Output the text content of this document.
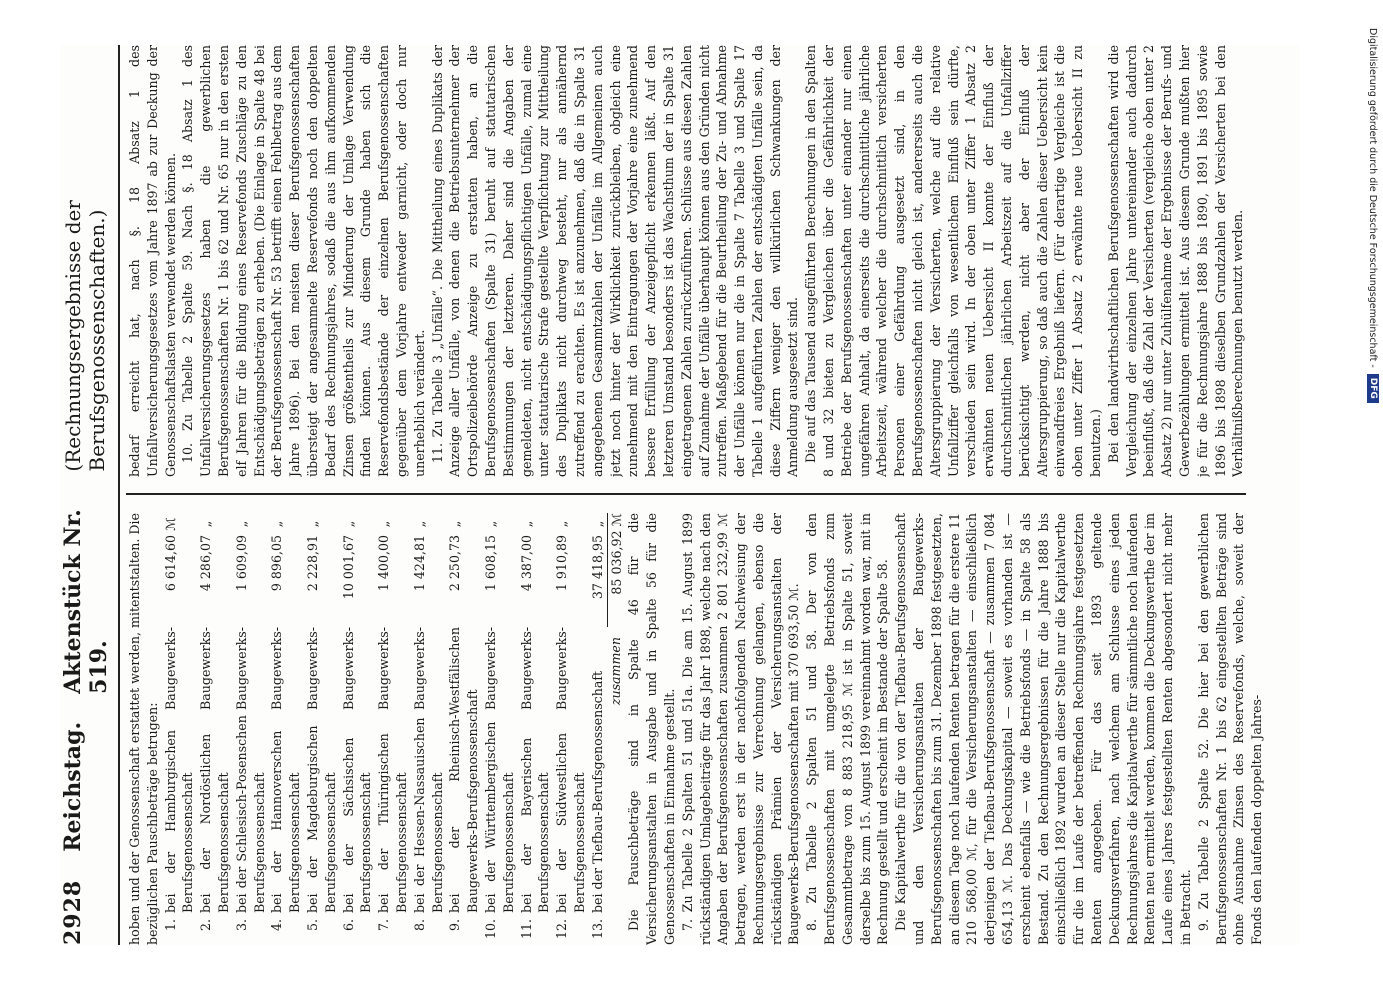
2928
Reichstag.
Aktenstück Nr. 519.
(Rechnungsergebnisse der Berufsgenossenschaften.)

hoben und der Genossenschaft erstattet werden, mitentstalten. Die bezüglichen Pauschbeträge betrugen: 1.
bei der Hamburgischen Baugewerks-Berufsgenossenschaft
6 614,60
ℳ
2.
bei der Nordöstlichen Baugewerks-Berufsgenossenschaft
4 286,07
„
3.
bei der Schlesisch-Posenschen Baugewerks-Berufsgenossenschaft
1 609,09
„
4.
bei der Hannoverschen Baugewerks-Berufsgenossenschaft
9 896,05
„
5.
bei der Magdeburgischen Baugewerks-Berufsgenossenschaft
2 228,91
„
6.
bei der Sächsischen Baugewerks-Berufsgenossenschaft
10 001,67
„
7.
bei der Thüringischen Baugewerks-Berufsgenossenschaft
1 400,00
„
8.
bei der Hessen-Nassauischen Baugewerks-Berufsgenossenschaft
1 424,81
„
9.
bei der Rheinisch-Westfälischen Baugewerks-Berufsgenossenschaft
2 250,73
„
10.
bei der Württembergischen Baugewerks-Berufsgenossenschaft
1 608,15
„
11.
bei der Bayerischen Baugewerks-Berufsgenossenschaft
4 387,00
„
12.
bei der Südwestlichen Baugewerks-Berufsgenossenschaft
1 910,89
„
13.
bei der Tiefbau-Berufsgenossenschaft
37 418,95
„
zusammen
85 036,92 ℳ Die Pauschbeträge sind in Spalte 46 für die Versicherungsanstalten in Ausgabe und in Spalte 56 für die Genossenschaften in Einnahme gestellt. 7. Zu Tabelle 2 Spalten 51 und 51a. Die am 15. August 1899 rückständigen Umlagebeiträge für das Jahr 1898, welche nach den Angaben der Berufsgenossenschaften zusammen 2 801 232,99 ℳ betragen, werden erst in der nachfolgenden Nachweisung der Rechnungsergebnisse zur Verrechnung gelangen, ebenso die rückständigen Prämien der Versicherungsanstalten der Baugewerks-Berufsgenossenschaften mit 370 693,50 ℳ. 8. Zu Tabelle 2 Spalten 51 und 58. Der von den Berufsgenossenschaften mit umgelegte Betriebsfonds zum Gesammtbetrage von 8 883 218,95 ℳ ist in Spalte 51, soweit derselbe bis zum 15. August 1899 vereinnahmt worden war, mit in Rechnung gestellt und erscheint im Bestande der Spalte 58. Die Kapitalwerthe für die von der Tiefbau-Berufsgenossenschaft und den Versicherungsanstalten der Baugewerks-Berufsgenossenschaften bis zum 31. Dezember 1898 festgesetzten, an diesem Tage noch laufenden Renten betragen für die erstere 11 210 568,00 ℳ, für die Versicherungsanstalten — einschließlich derjenigen der Tiefbau-Berufsgenossenschaft — zusammen 7 084 654,13 ℳ. Das Deckungskapital — soweit es vorhanden ist — erscheint ebenfalls — wie die Betriebsfonds — in Spalte 58 als Bestand. Zu den Rechnungsergebnissen für die Jahre 1888 bis einschließlich 1892 wurden an dieser Stelle nur die Kapitalwerthe für die im Laufe der betreffenden Rechnungsjahre festgesetzten Renten angegeben. Für das seit 1893 geltende Deckungsverfahren, nach welchem am Schlusse eines jeden Rechnungsjahres die Kapitalwerthe für sämmtliche noch laufenden Renten neu ermittelt werden, kommen die Deckungswerthe der im Laufe eines Jahres festgestellten Renten abgesondert nicht mehr in Betracht. 9. Zu Tabelle 2 Spalte 52. Die hier bei den gewerblichen Berufsgenossenschaften Nr. 1 bis 62 eingestellten Beträge sind ohne Ausnahme Zinsen des Reservefonds, welche, soweit der Fonds den laufenden doppelten Jahres-

bedarf erreicht hat, nach §. 18 Absatz 1 des Unfallversicherungsgesetzes vom Jahre 1897 ab zur Deckung der Genossenschaftslasten verwendet werden können. 10. Zu Tabelle 2 Spalte 59. Nach §. 18 Absatz 1 des Unfallversicherungsgesetzes haben die gewerblichen Berufsgenossenschaften Nr. 1 bis 62 und Nr. 65 nur in den ersten elf Jahren für die Bildung eines Reservefonds Zuschläge zu den Entschädigungsbeträgen zu erheben. (Die Einlage in Spalte 48 bei der Berufsgenossenschaft Nr. 53 betrifft einen Fehlbetrag aus dem Jahre 1896). Bei den meisten dieser Berufsgenossenschaften übersteigt der angesammelte Reservefonds noch den doppelten Bedarf des Rechnungsjahres, sodaß die aus ihm aufkommenden Zinsen größtentheils zur Minderung der Umlage Verwendung finden können. Aus diesem Grunde haben sich die Reservefondsbestände der einzelnen Berufsgenossenschaften gegenüber dem Vorjahre entweder garnicht, oder doch nur unerheblich verändert. 11. Zu Tabelle 3 „Unfälle“. Die Mittheilung eines Duplikats der Anzeige aller Unfälle, von denen die Betriebsunternehmer der Ortspolizeibehörde Anzeige zu erstatten haben, an die Berufsgenossenschaften (Spalte 31) beruht auf statutarischen Bestimmungen der letzteren. Daher sind die Angaben der gemeldeten, nicht entschädigungspflichtigen Unfälle, zumal eine unter statutarische Strafe gestellte Verpflichtung zur Mittheilung des Duplikats nicht durchweg besteht, nur als annähernd zutreffend zu erachten. Es ist anzunehmen, daß die in Spalte 31 angegebenen Gesammtzahlen der Unfälle im Allgemeinen auch jetzt noch hinter der Wirklichkeit zurückbleiben, obgleich eine zunehmend mit den Eintragungen der Vorjahre eine zunehmend bessere Erfüllung der Anzeigepflicht erkennen läßt. Auf den letzteren Umstand besonders ist das Wachsthum der in Spalte 31 eingetragenen Zahlen zurückzuführen. Schlüsse aus diesen Zahlen auf Zunahme der Unfälle überhaupt können aus den Gründen nicht zutreffen. Maßgebend für die Beurtheilung der Zu- und Abnahme der Unfälle können nur die in Spalte 7 Tabelle 3 und Spalte 17 Tabelle 1 aufgeführten Zahlen der entschädigten Unfälle sein, da diese Ziffern weniger den willkürlichen Schwankungen der Anmeldung ausgesetzt sind. Die auf das Tausend ausgeführten Berechnungen in den Spalten 8 und 32 bieten zu Vergleichen über die Gefährlichkeit der Betriebe der Berufsgenossenschaften unter einander nur einen ungefähren Anhalt, da einerseits die durchschnittliche jährliche Arbeitszeit, während welcher die durchschnittlich versicherten Personen einer Gefährdung ausgesetzt sind, in den Berufsgenossenschaften nicht gleich ist, andererseits auch die Altersgruppierung der Versicherten, welche auf die relative Unfallziffer gleichfalls von wesentlichem Einfluß sein dürfte, verschieden sein wird. In der oben unter Ziffer 1 Absatz 2 erwähnten neuen Uebersicht II konnte der Einfluß der durchschnittlichen jährlichen Arbeitszeit auf die Unfallziffer berücksichtigt werden, nicht aber der Einfluß der Altersgruppierung, so daß auch die Zahlen dieser Uebersicht kein einwandfreies Ergebniß liefern. (Für derartige Vergleiche ist die oben unter Ziffer 1 Absatz 2 erwähnte neue Uebersicht II zu benutzen.) Bei den landwirthschaftlichen Berufsgenossenschaften wird die Vergleichung der einzelnen Jahre untereinander auch dadurch beeinflußt, daß die Zahl der Versicherten (vergleiche oben unter 2 Absatz 2) nur unter Zuhülfenahme der Ergebnisse der Berufs- und Gewerbezählungen ermittelt ist. Aus diesem Grunde mußten hier je für die Rechnungsjahre 1888 bis 1890, 1891 bis 1895 sowie 1896 bis 1898 dieselben Grundzahlen der Versicherten bei den Verhältnißberechnungen benutzt werden.	Digitalisierung gefördert durch die Deutsche Forschungsgemeinschaft -
DFG
